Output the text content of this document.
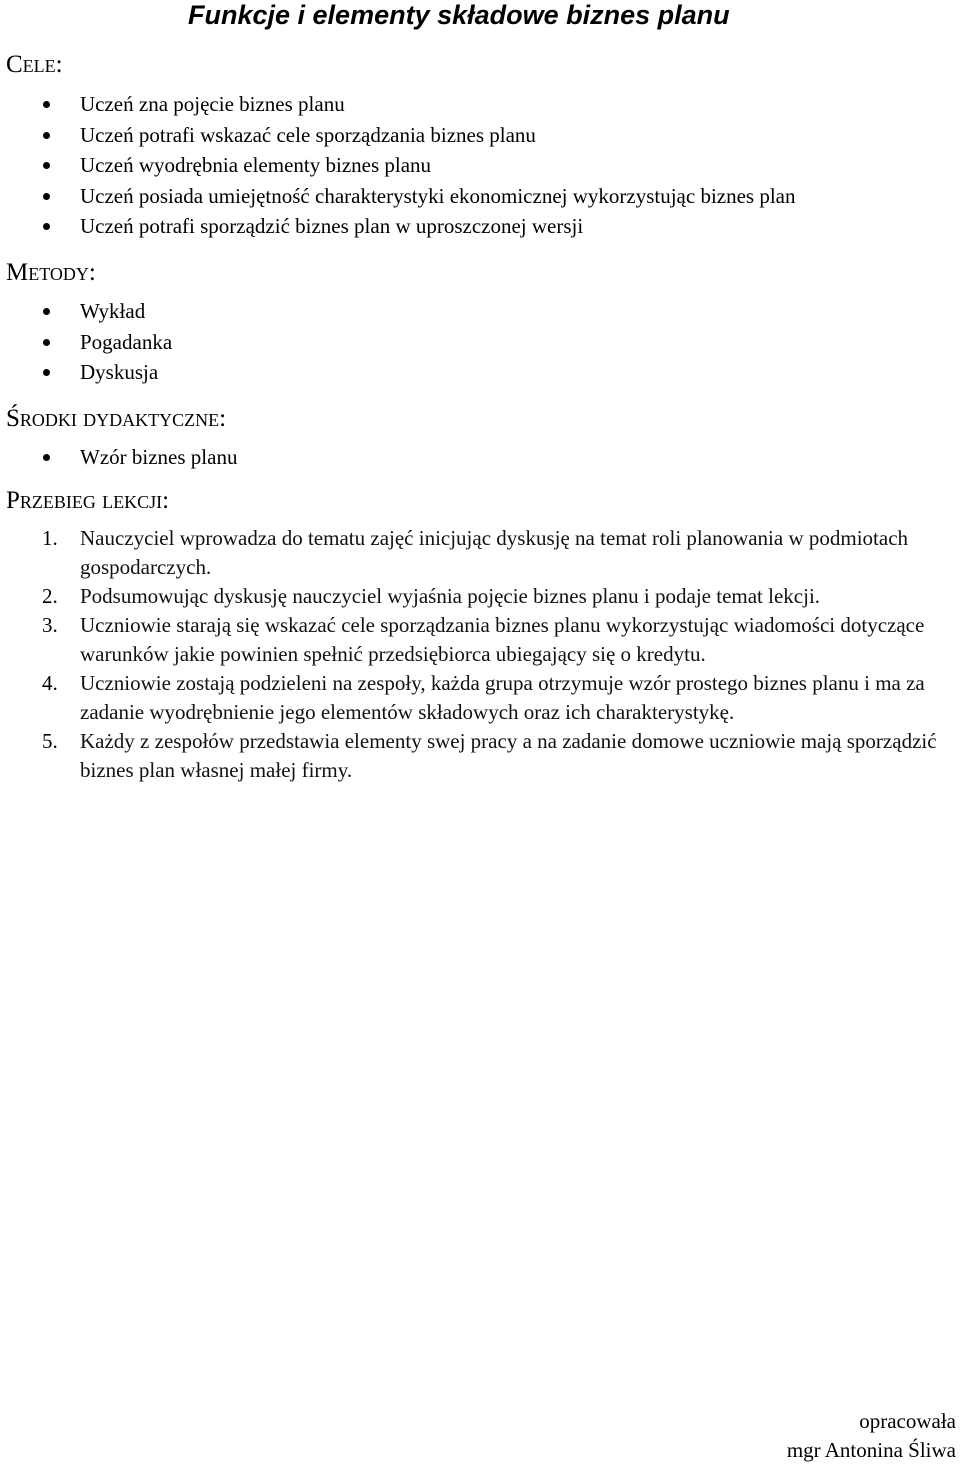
Funkcje i elementy składowe biznes planu
Cele:
Uczeń zna pojęcie biznes planu
Uczeń potrafi wskazać cele sporządzania biznes planu
Uczeń wyodrębnia elementy biznes planu
Uczeń posiada umiejętność charakterystyki ekonomicznej wykorzystując biznes plan
Uczeń potrafi sporządzić biznes plan w uproszczonej wersji
Metody:
Wykład
Pogadanka
Dyskusja
Środki dydaktyczne:
Wzór biznes planu
Przebieg lekcji:
1. Nauczyciel wprowadza do tematu zajęć inicjując dyskusję na temat roli planowania w podmiotach gospodarczych.
2. Podsumowując dyskusję nauczyciel wyjaśnia pojęcie biznes planu i podaje temat lekcji.
3. Uczniowie starają się wskazać cele sporządzania biznes planu wykorzystując wiadomości dotyczące warunków jakie powinien spełnić przedsiębiorca ubiegający się o kredytu.
4. Uczniowie zostają podzieleni na zespoły, każda grupa otrzymuje wzór prostego biznes planu i ma za zadanie wyodrębnienie jego elementów składowych oraz ich charakterystykę.
5. Każdy z zespołów przedstawia elementy swej pracy a na zadanie domowe uczniowie mają sporządzić biznes plan własnej małej firmy.
opracowała
mgr Antonina Śliwa
